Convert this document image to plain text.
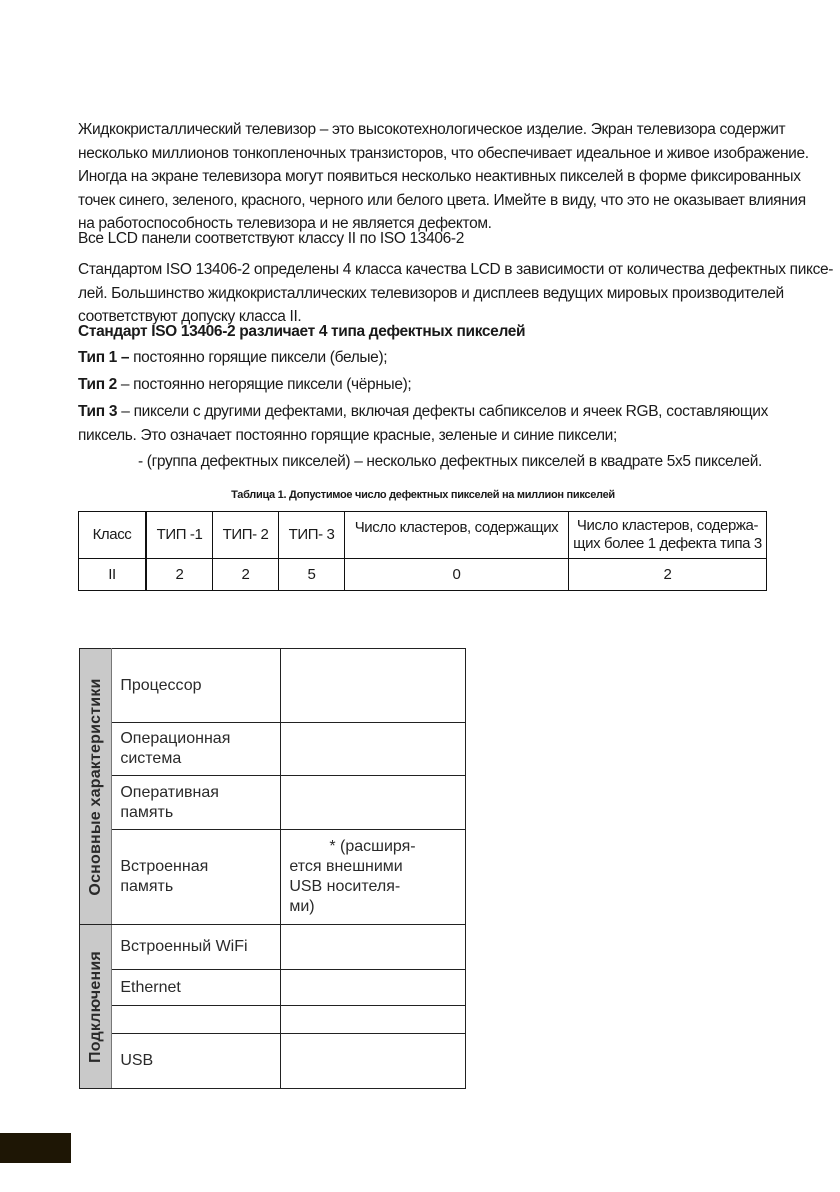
Жидкокристаллический телевизор – это высокотехнологическое изделие. Экран телевизора содержит
несколько миллионов тонкопленочных транзисторов, что обеспечивает идеальное и живое изображение.
Иногда на экране телевизора могут появиться несколько неактивных пикселей в форме фиксированных
точек синего, зеленого, красного, черного или белого цвета. Имейте в виду, что это не оказывает влияния
на работоспособность телевизора и не является дефектом.
Все LCD панели соответствуют классу II по ISO 13406-2
Стандартом ISO 13406-2 определены 4 класса качества LCD в зависимости от количества дефектных пиксе-
лей. Большинство жидкокристаллических телевизоров и дисплеев ведущих мировых производителей
соответствуют допуску класса II.
Стандарт ISO 13406-2 различает 4 типа дефектных пикселей
Тип 1 – постоянно горящие пиксели (белые);
Тип 2 – постоянно негорящие пиксели (чёрные);
Тип 3 – пиксели с другими дефектами, включая дефекты сабпикселов и ячеек RGB, составляющих
пиксель. Это означает постоянно горящие красные, зеленые и синие пиксели;
- (группа дефектных пикселей) – несколько дефектных пикселей в квадрате 5х5 пикселей.
Таблица 1. Допустимое число дефектных пикселей на миллион пикселей
Класс	ТИП -1	ТИП- 2	ТИП- 3	Число кластеров, содержащих	Число кластеров, содержа-
щих более 1 дефекта типа 3

II	2	2	5	0	2
Основные характеристики	Процессор	

	Операционная
система	

	Оперативная
память	

	Встроенная
память	* (расширя-
ется внешними
USB носителя-
ми)

Подключения	Встроенный WiFi	
	Ethernet	

	USB	
